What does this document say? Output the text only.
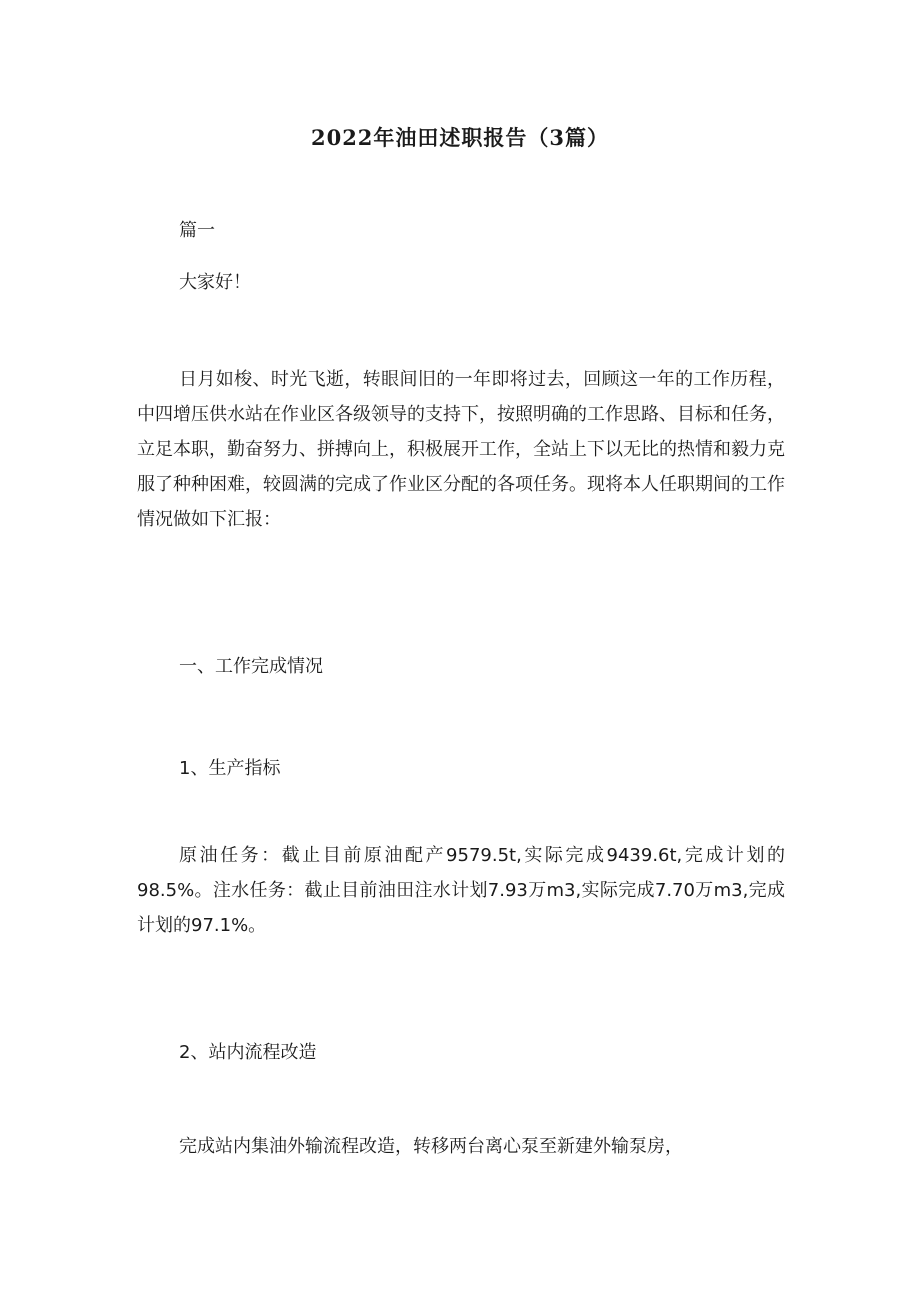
2022年油田述职报告（3篇）

篇一

大家好！

日月如梭、时光飞逝，转眼间旧的一年即将过去，回顾这一年的工作历程，中四增压供水站在作业区各级领导的支持下，按照明确的工作思路、目标和任务，立足本职，勤奋努力、拼搏向上，积极展开工作，全站上下以无比的热情和毅力克服了种种困难，较圆满的完成了作业区分配的各项任务。现将本人任职期间的工作情况做如下汇报：

一、工作完成情况

1、生产指标

原油任务：截止目前原油配产9579.5t,实际完成9439.6t,完成计划的98.5%。注水任务：截止目前油田注水计划7.93万m3,实际完成7.70万m3,完成计划的97.1%。

2、站内流程改造

完成站内集油外输流程改造，转移两台离心泵至新建外输泵房，
